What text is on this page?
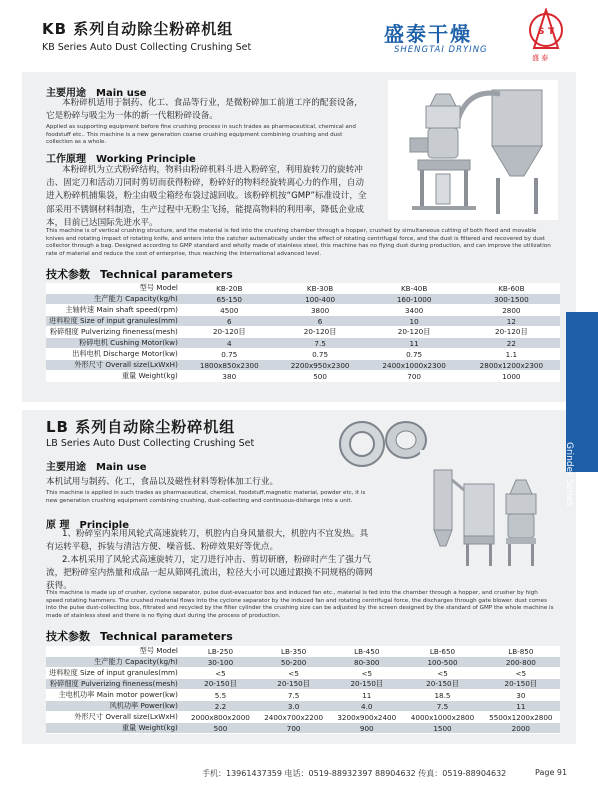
KB 系列自动除尘粉碎机组
KB Series Auto Dust Collecting Crushing Set
盛泰干燥
SHENGTAI DRYING
S T
盛 泰
Grinder Series
主要用途 Main use
本粉碎机适用于制药、化工、食品等行业，是微粉碎加工前道工序的配套设备，它是粉碎与吸尘为一体的新一代粗粉碎设备。
Applied as supporting equipment before fine crushing process in such trades as pharmaceutical, chemical and foodstuff etc.. This machine is a new generation coarse crushing equipment combining crushing and dust collection as a whole.
工作原理 Working Principle
本粉碎机为立式粉碎结构，物料由粉碎机料斗进入粉碎室，利用旋转刀的旋转冲击、固定刀和活动刀同时剪切而获得粉碎，粉碎好的物料经旋转离心力的作用，自动进入粉碎机捕集袋，粉尘由吸尘箱经布袋过滤回收。该粉碎机按“GMP”标准设计，全部采用不锈钢材料制造，生产过程中无粉尘飞扬，能提高物料的利用率，降低企业成本，目前已达国际先进水平。
This machine is of vertical crushing structure, and the material is fed into the crushing chamber through a hopper, crushed by simultaneous cutting of both fixed and movable knives and rotating impact of rotating knife, and enters into the catcher automatically under the effect of rotating centrifugal force, and the dust is filtered and recovered by dust collector through a bag. Designed according to GMP standard and wholly made of stainless steel, this machine has no flying dust during production, and can improve the utilization rate of material and reduce the cost of enterprise, thus reaching the international advanced level.
技术参数 Technical parameters
型号 Model	KB-20B	KB-30B	KB-40B	KB-60B
生产能力 Capacity(kg/h)	65-150	100-400	160-1000	300-1500
主轴转速 Main shaft speed(rpm)	4500	3800	3400	2800
进料粒度 Size of input granules(mm)	6	6	10	12
粉碎细度 Pulverizing fineness(mesh)	20-120目	20-120目	20-120目	20-120目
粉碎电机 Cushing Motor(kw)	4	7.5	11	22
出料电机 Discharge Motor(kw)	0.75	0.75	0.75	1.1
外形尺寸 Overall size(LxWxH)	1800x850x2300	2200x950x2300	2400x1000x2300	2800x1200x2300
重量 Weight(kg)	380	500	700	1000
LB 系列自动除尘粉碎机组
LB Series Auto Dust Collecting Crushing Set
主要用途 Main use
本机试用与制药、化工，食品以及磁性材料等粉体加工行业。
This machine is applied in such trades as pharmaceutical, chemical, foodstuff,magnetic material, powder etc, it is new generation crushing equipment combining crushing, dust-collecting and continuous-disharge into a unit.
原 理 Principle
1、粉碎室内采用风轮式高速旋转刀，机腔内自身风量很大，机腔内不宜发热。具有运转平稳，拆装与清洁方便、噪音低、粉碎效果好等优点。
2.本机采用了风轮式高速旋转刀，定刀进行冲击、剪切研磨，粉碎时产生了强力气流，把粉碎室内热量和成品一起从筛网孔流出，粒径大小可以通过跟换不同规格的筛网获得。
This machine is made up of crusher, cyclone separator, pulse dust-evacuator box and induced fan etc., material is fed into the chamber through a hopper, and crusher by high speed rotating hammers. The crushed material flows into the cyclone separator by the induced fan and rotating centrifugal force, the discharges through gate blower. dust comes into the pulse dust-collecting box, filtrated and recycled by the filter cylinder the crushing size can be adjusted by the screen designed by the standard of GMP the whole machine is made of stainless steel and there is no flying dust during the process of production.
技术参数 Technical parameters
型号 Model	LB-250	LB-350	LB-450	LB-650	LB-850
生产能力 Capacity(kg/h)	30-100	50-200	80-300	100-500	200-800
进料粒度 Size of input granules(mm)	<5	<5	<5	<5	<5
粉碎细度 Pulverizing fineness(mesh)	20-150目	20-150目	20-150目	20-150目	20-150目
主电机功率 Main motor power(kw)	5.5	7.5	11	18.5	30
风机功率 Power(kw)	2.2	3.0	4.0	7.5	11
外形尺寸 Overall size(LxWxH)	2000x800x2000	2400x700x2200	3200x900x2400	4000x1000x2800	5500x1200x2800
重量 Weight(kg)	500	700	900	1500	2000
手机：13961437359 电话：0519-88932397 88904632 传真：0519-88904632	Page 91
